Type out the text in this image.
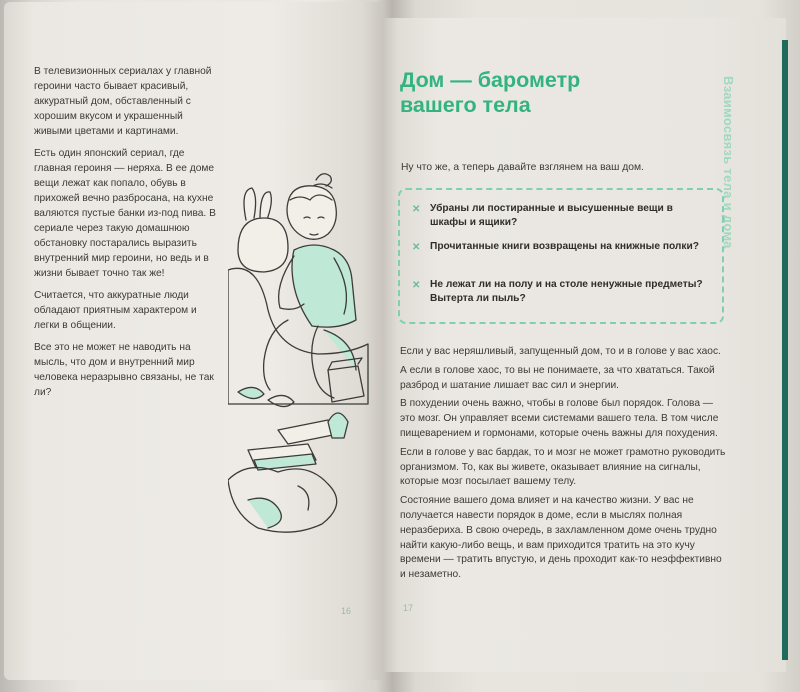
В телевизионных сериалах у главной героини часто бывает красивый, аккуратный дом, обставленный с хорошим вкусом и украшенный живыми цветами и картинами.

Есть один японский сериал, где главная героиня — неряха. В ее доме вещи лежат как попало, обувь в прихожей вечно разбросана, на кухне валяются пустые банки из-под пива. В сериале через такую домашнюю обстановку постарались выразить внутренний мир героини, но ведь и в жизни бывает точно так же!

Считается, что аккуратные люди обладают приятным характером и легки в общении.

Все это не может не наводить на мысль, что дом и внутренний мир человека неразрывно связаны, не так ли?

16
Дом — барометр
вашего тела	Взаимосвязь тела и дома
Ну что же, а теперь давайте взглянем на ваш дом.
✕ Убраны ли постиранные и высушенные вещи в шкафы и ящики?
✕ Прочитанные книги возвращены на книжные полки?
✕ Не лежат ли на полу и на столе ненужные предметы? Вытерта ли пыль?

Если у вас неряшливый, запущенный дом, то и в голове у вас хаос.

А если в голове хаос, то вы не понимаете, за что хвататься. Такой разброд и шатание лишает вас сил и энергии.

В похудении очень важно, чтобы в голове был порядок. Голова — это мозг. Он управляет всеми системами вашего тела. В том числе пищеварением и гормонами, которые очень важны для похудения.

Если в голове у вас бардак, то и мозг не может грамотно руководить организмом. То, как вы живете, оказывает влияние на сигналы, которые мозг посылает вашему телу.

Состояние вашего дома влияет и на качество жизни. У вас не получается навести порядок в доме, если в мыслях полная неразбериха. В свою очередь, в захламленном доме очень трудно найти какую-либо вещь, и вам приходится тратить на это кучу времени — тратить впустую, и день проходит как-то неэффективно и незаметно.

17
